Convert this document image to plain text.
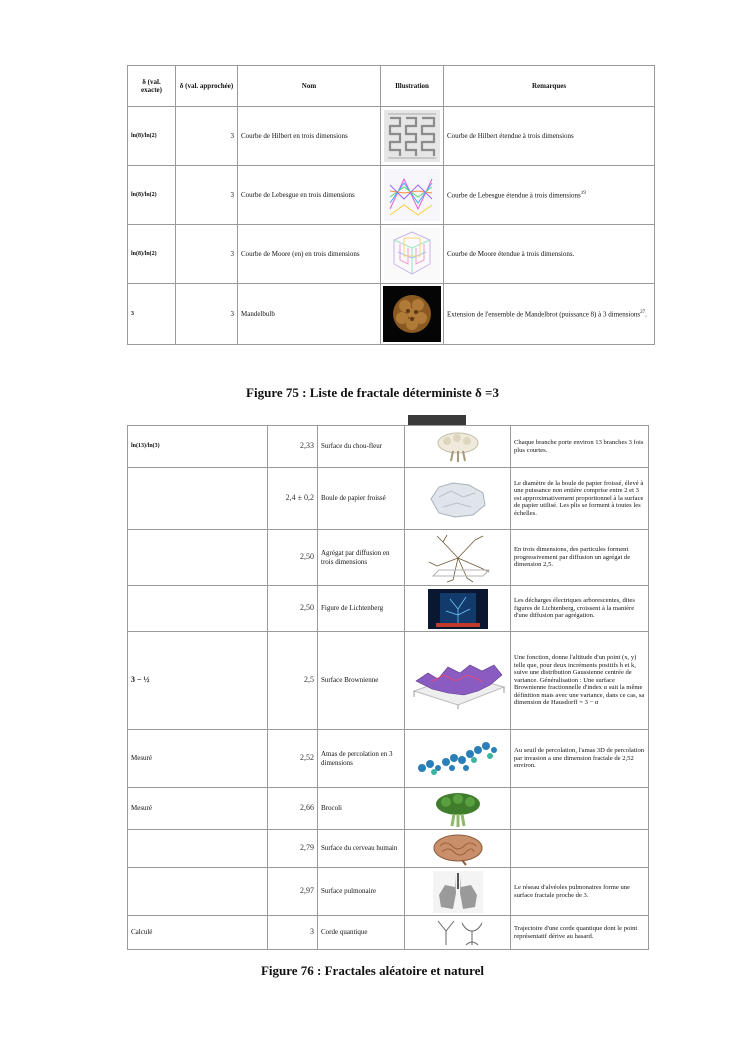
δ (val. exacte)	δ (val. approchée)	Nom	Illustration	Remarques
ln(8)/ln(2)	3	Courbe de Hilbert en trois dimensions		Courbe de Hilbert étendue à trois dimensions
ln(8)/ln(2)	3	Courbe de Lebesgue en trois dimensions		Courbe de Lebesgue étendue à trois dimensions$^{19}$
ln(8)/ln(2)	3	Courbe de Moore (en) en trois dimensions		Courbe de Moore étendue à trois dimensions.
3	3	Mandelbulb		Extension de l'ensemble de Mandelbrot (puissance 8) à 3 dimensions$^{27}$.
Figure 75 : Liste de fractale déterministe δ =3
ln(13)/ln(3)	2,33	Surface du chou-fleur		Chaque branche porte environ 13 branches 3 fois plus courtes.
	2,4 ± 0,2	Boule de papier froissé		Le diamètre de la boule de papier froissé, élevé à une puissance non entière comprise entre 2 et 3 est approximativement proportionnel à la surface de papier utilisé. Les plis se forment à toutes les échelles.
	2,50	Agrégat par diffusion en trois dimensions		En trois dimensions, des particules forment progressivement par diffusion un agrégat de dimension 2,5.
	2,50	Figure de Lichtenberg		Les décharges électriques arborescentes, dites figures de Lichtenberg, croissent à la manière d'une diffusion par agrégation.
3 − ½	2,5	Surface Brownienne		Une fonction, donne l'altitude d'un point (x, y) telle que, pour deux incréments positifs h et k, suive une distribution Gaussienne centrée de variance. Généralisation : Une surface Brownienne fractionnelle d'index α suit la même définition mais avec une variance, dans ce cas, sa dimension de Hausdorff = 3 − α
Mesuré	2,52	Amas de percolation en 3 dimensions		Au seuil de percolation, l'amas 3D de percolation par invasion a une dimension fractale de 2,52 environ.
Mesuré	2,66	Brocoli	

	2,79	Surface du cerveau humain	

	2,97	Surface pulmonaire		Le réseau d'alvéoles pulmonaires forme une surface fractale proche de 3.
Calculé	3	Corde quantique		Trajectoire d'une corde quantique dont le point représentatif dérive au hasard.
Figure 76 : Fractales aléatoire et naturel
